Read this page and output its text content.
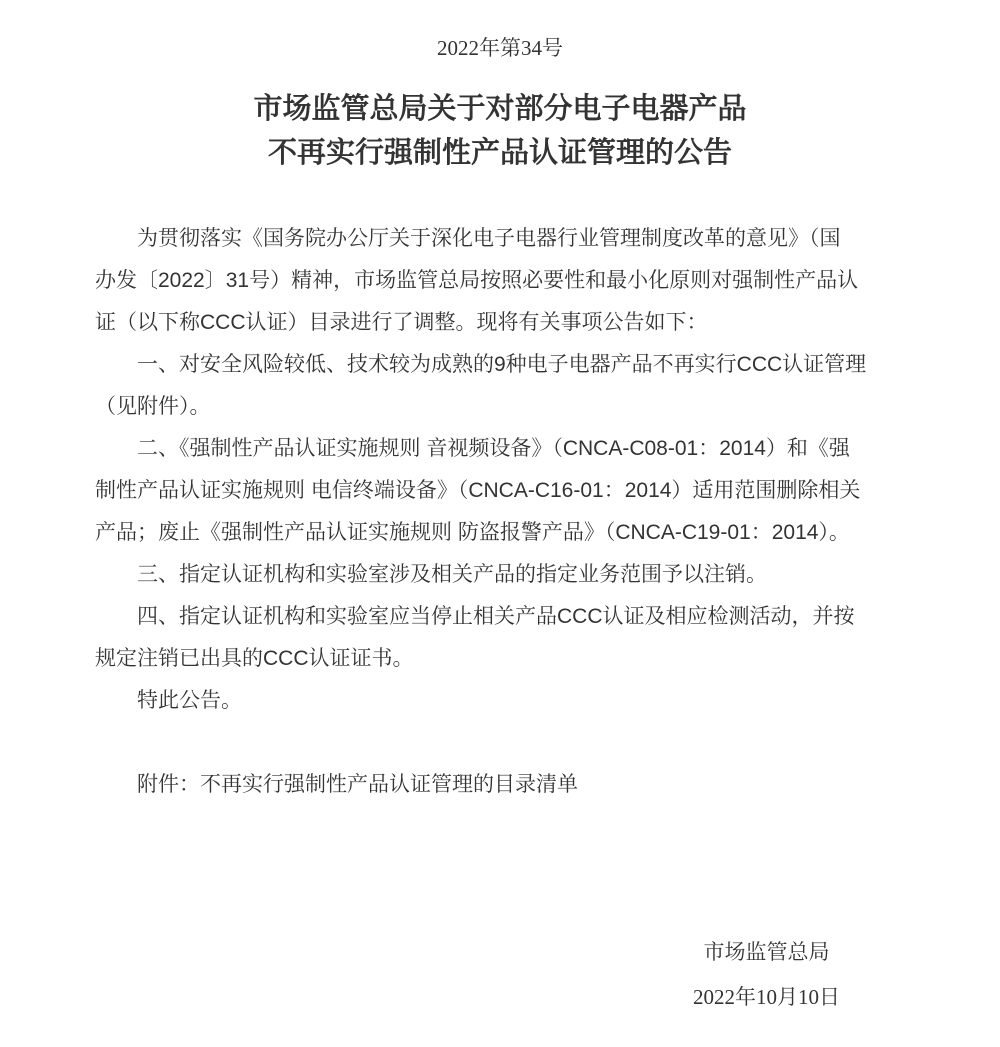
2022年第34号
市场监管总局关于对部分电子电器产品
不再实行强制性产品认证管理的公告
为贯彻落实《国务院办公厅关于深化电子电器行业管理制度改革的意见》（国
办发〔2022〕31号）精神，市场监管总局按照必要性和最小化原则对强制性产品认
证（以下称CCC认证）目录进行了调整。现将有关事项公告如下：
一、对安全风险较低、技术较为成熟的9种电子电器产品不再实行CCC认证管理
（见附件）。
二、《强制性产品认证实施规则 音视频设备》（CNCA-C08-01：2014）和《强
制性产品认证实施规则 电信终端设备》（CNCA-C16-01：2014）适用范围删除相关
产品；废止《强制性产品认证实施规则 防盗报警产品》（CNCA-C19-01：2014）。
三、指定认证机构和实验室涉及相关产品的指定业务范围予以注销。
四、指定认证机构和实验室应当停止相关产品CCC认证及相应检测活动，并按
规定注销已出具的CCC认证证书。
特此公告。
附件：不再实行强制性产品认证管理的目录清单
市场监管总局
2022年10月10日
